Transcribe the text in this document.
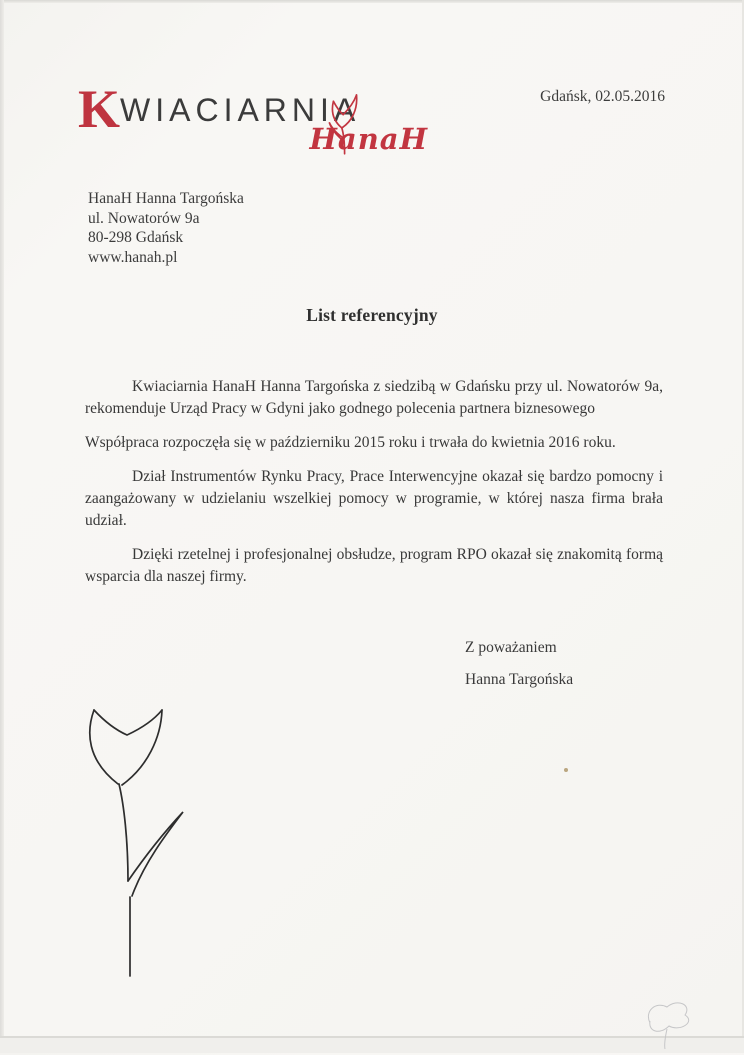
KWIACIARNIA
HanaH
Gdańsk, 02.05.2016
HanaH Hanna Targońska
ul. Nowatorów 9a
80-298 Gdańsk
www.hanah.pl
List referencyjny

Kwiaciarnia HanaH Hanna Targońska z siedzibą w Gdańsku przy ul. Nowatorów 9a, rekomenduje Urząd Pracy w Gdyni jako godnego polecenia partnera biznesowego

Współpraca rozpoczęła się w październiku 2015 roku i trwała do kwietnia 2016 roku.

Dział Instrumentów Rynku Pracy, Prace Interwencyjne okazał się bardzo pomocny i zaangażowany w udzielaniu wszelkiej pomocy w programie, w której nasza firma brała udział.

Dzięki rzetelnej i profesjonalnej obsłudze, program RPO okazał się znakomitą formą wsparcia dla naszej firmy.

Z poważaniem
Hanna Targońska
